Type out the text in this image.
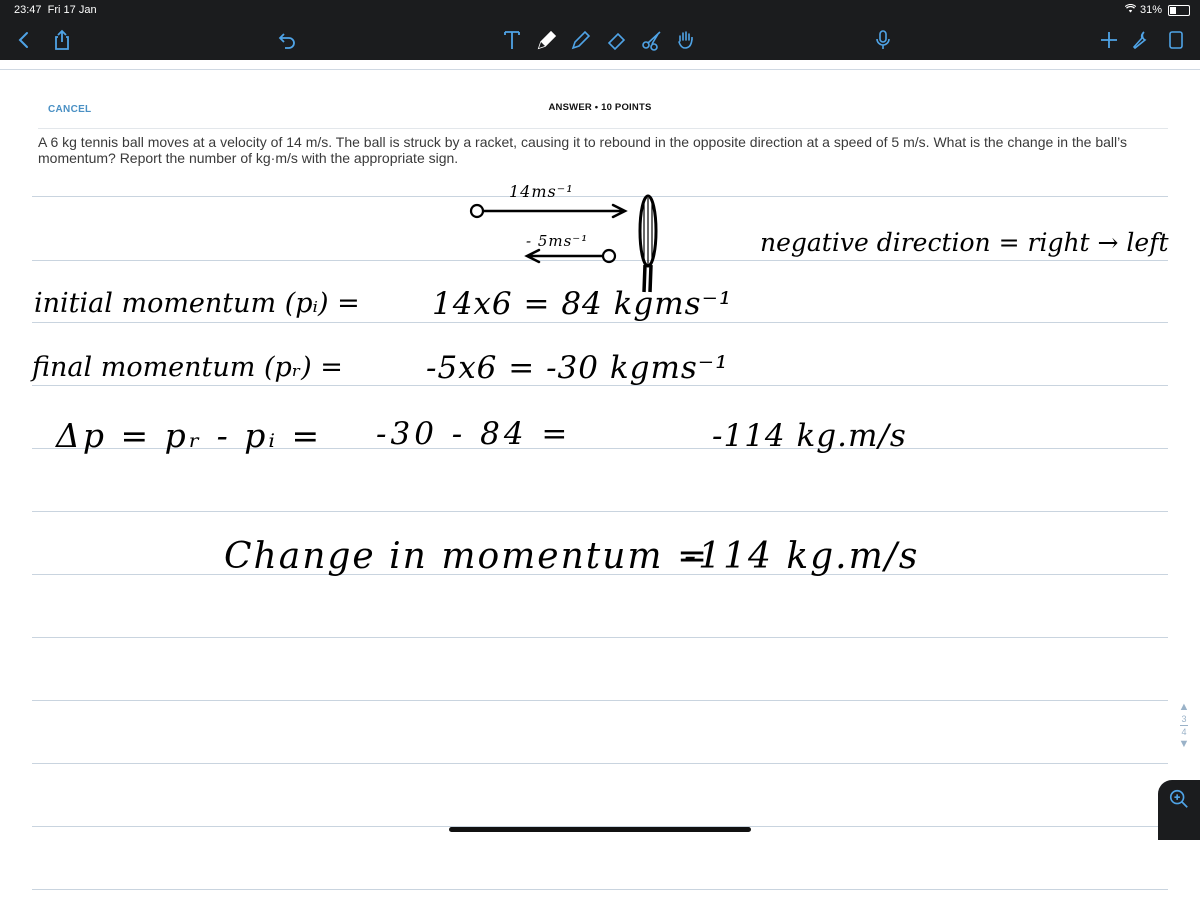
23:47 Fri 17 Jan	31%
CANCEL	ANSWER • 10 POINTS
A 6 kg tennis ball moves at a velocity of 14 m/s. The ball is struck by a racket, causing it to rebound in the opposite direction at a speed of 5 m/s. What is the change in the ball’s momentum? Report the number of kg·m/s with the appropriate sign.
14ms⁻¹
- 5ms⁻¹	negative direction = right → left
initial momentum (pᵢ) = 14x6 = 84 kgms⁻¹
final momentum (pᵣ) =	-5x6 = -30 kgms⁻¹
Δp = pᵣ - pᵢ = -30 - 84 =	-114 kg.m/s
Change in momentum =
-114 kg.m/s
▲
3
4
▼
